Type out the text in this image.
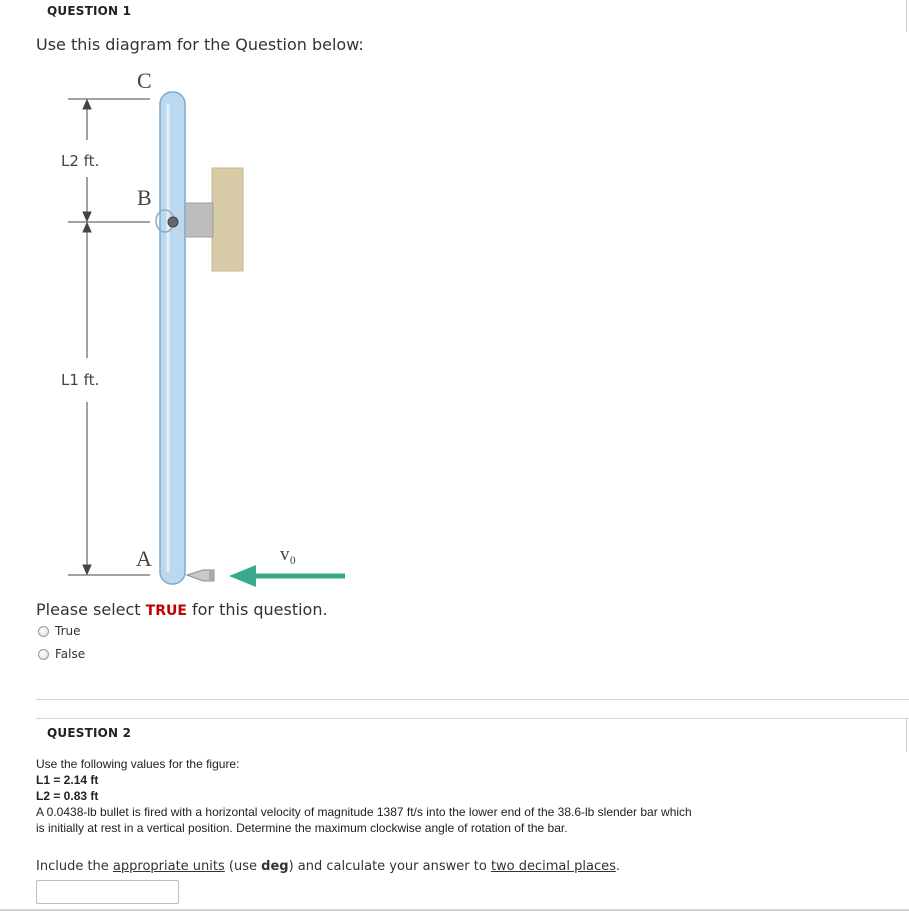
QUESTION 1
Use this diagram for the Question below:
C
B
A	v₀
L2 ft.
L1 ft.
Please select TRUE for this question.
True
False
QUESTION 2
Use the following values for the figure:
L1 = 2.14 ft
L2 = 0.83 ft
A 0.0438-lb bullet is fired with a horizontal velocity of magnitude 1387 ft/s into the lower end of the 38.6-lb slender bar which
is initially at rest in a vertical position. Determine the maximum clockwise angle of rotation of the bar.
Include the appropriate units (use deg) and calculate your answer to two decimal places.
